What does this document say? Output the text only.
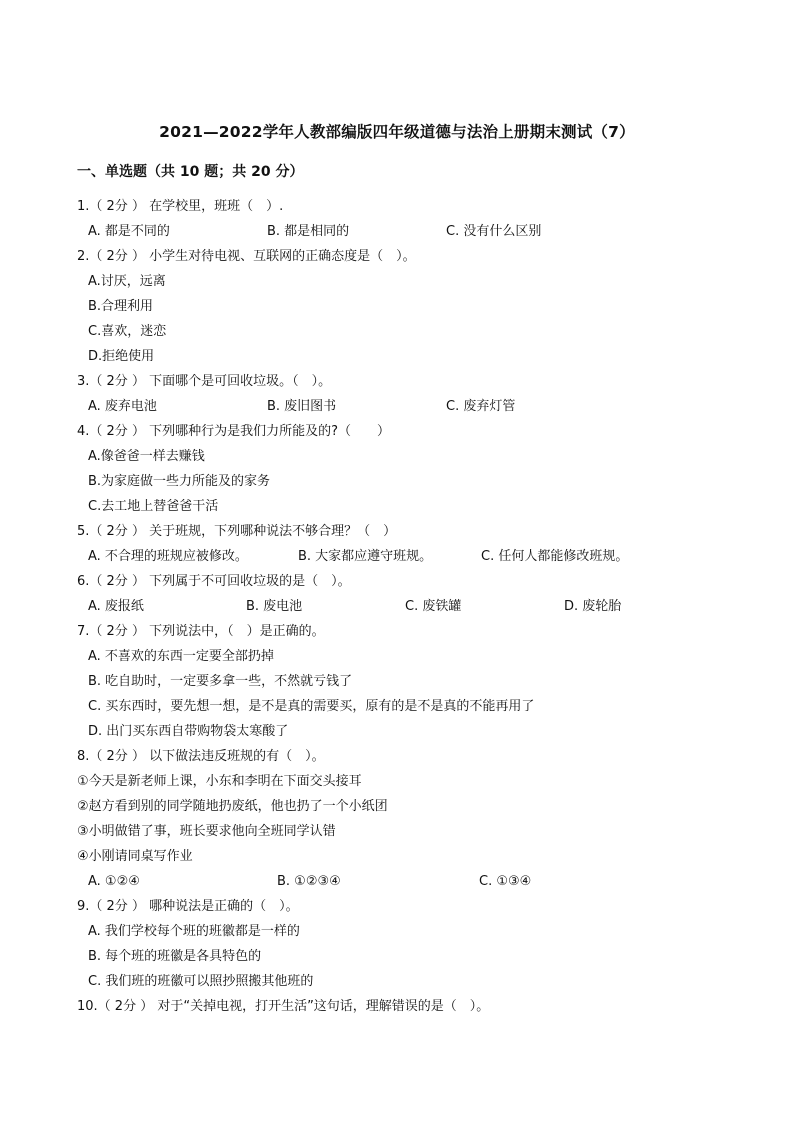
2021—2022学年人教部编版四年级道德与法治上册期末测试（7）
一、单选题（共 10 题；共 20 分）
1.（ 2分 ） 在学校里，班班（　）.
A. 都是不同的	B. 都是相同的	C. 没有什么区别
2.（ 2分 ） 小学生对待电视、互联网的正确态度是（　）。
A.讨厌，远离
B.合理利用
C.喜欢，迷恋
D.拒绝使用
3.（ 2分 ） 下面哪个是可回收垃圾。（　）。
A. 废弃电池	B. 废旧图书	C. 废弃灯管
4.（ 2分 ） 下列哪种行为是我们力所能及的?（　　）
A.像爸爸一样去赚钱
B.为家庭做一些力所能及的家务
C.去工地上替爸爸干活
5.（ 2分 ） 关于班规，下列哪种说法不够合理？（　）
A. 不合理的班规应被修改。	B. 大家都应遵守班规。	C. 任何人都能修改班规。
6.（ 2分 ） 下列属于不可回收垃圾的是（　）。
A. 废报纸	B. 废电池	C. 废铁罐	D. 废轮胎
7.（ 2分 ） 下列说法中，（　）是正确的。
A. 不喜欢的东西一定要全部扔掉
B. 吃自助时，一定要多拿一些，不然就亏钱了
C. 买东西时，要先想一想，是不是真的需要买，原有的是不是真的不能再用了
D. 出门买东西自带购物袋太寒酸了
8.（ 2分 ） 以下做法违反班规的有（　）。
①今天是新老师上课，小东和李明在下面交头接耳
②赵方看到别的同学随地扔废纸，他也扔了一个小纸团
③小明做错了事，班长要求他向全班同学认错
④小刚请同桌写作业
A. ①②④	B. ①②③④	C. ①③④
9.（ 2分 ） 哪种说法是正确的（　）。
A. 我们学校每个班的班徽都是一样的
B. 每个班的班徽是各具特色的
C. 我们班的班徽可以照抄照搬其他班的
10.（ 2分 ） 对于“关掉电视，打开生活”这句话，理解错误的是（　）。
